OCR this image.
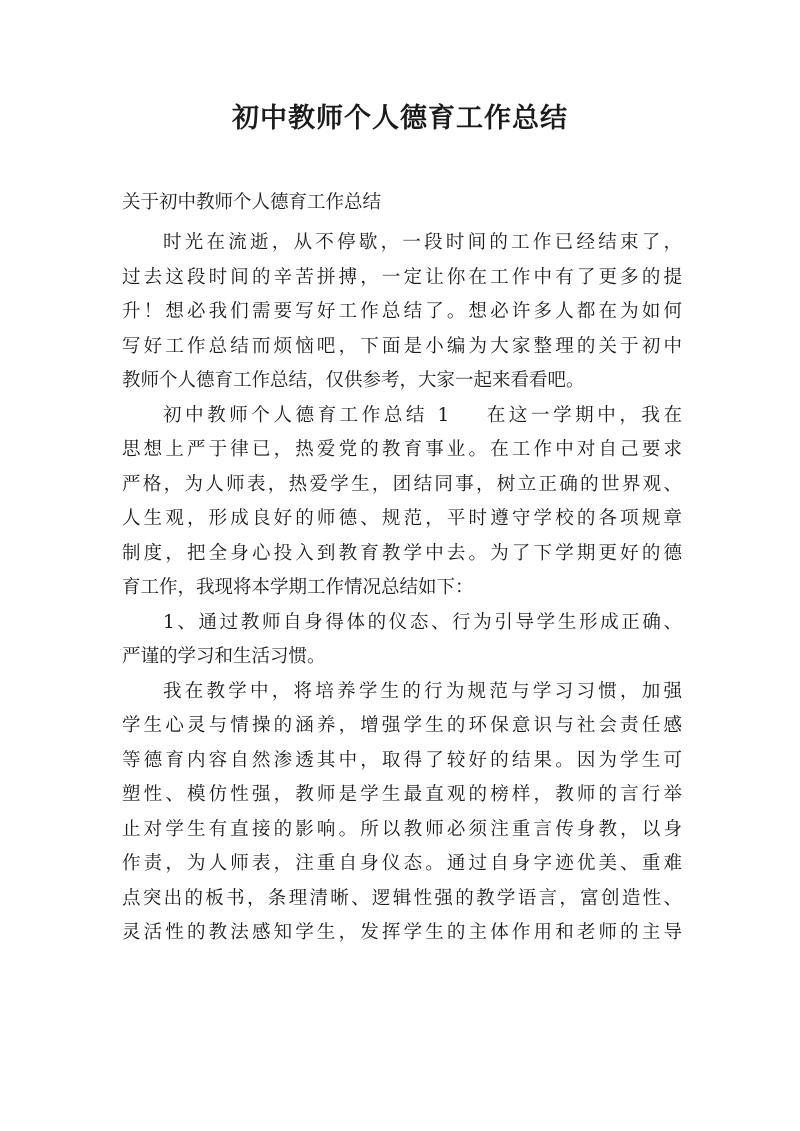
初中教师个人德育工作总结
关于初中教师个人德育工作总结
时光在流逝，从不停歇，一段时间的工作已经结束了，
过去这段时间的辛苦拼搏，一定让你在工作中有了更多的提
升！想必我们需要写好工作总结了。想必许多人都在为如何
写好工作总结而烦恼吧，下面是小编为大家整理的关于初中
教师个人德育工作总结，仅供参考，大家一起来看看吧。
初中教师个人德育工作总结 1 在这一学期中，我在
思想上严于律已，热爱党的教育事业。在工作中对自己要求
严格，为人师表，热爱学生，团结同事，树立正确的世界观、
人生观，形成良好的师德、规范，平时遵守学校的各项规章
制度，把全身心投入到教育教学中去。为了下学期更好的德
育工作，我现将本学期工作情况总结如下：
1、通过教师自身得体的仪态、行为引导学生形成正确、
严谨的学习和生活习惯。
我在教学中，将培养学生的行为规范与学习习惯，加强
学生心灵与情操的涵养，增强学生的环保意识与社会责任感
等德育内容自然渗透其中，取得了较好的结果。因为学生可
塑性、模仿性强，教师是学生最直观的榜样，教师的言行举
止对学生有直接的影响。所以教师必须注重言传身教，以身
作责，为人师表，注重自身仪态。通过自身字迹优美、重难
点突出的板书，条理清晰、逻辑性强的教学语言，富创造性、
灵活性的教法感知学生，发挥学生的主体作用和老师的主导
